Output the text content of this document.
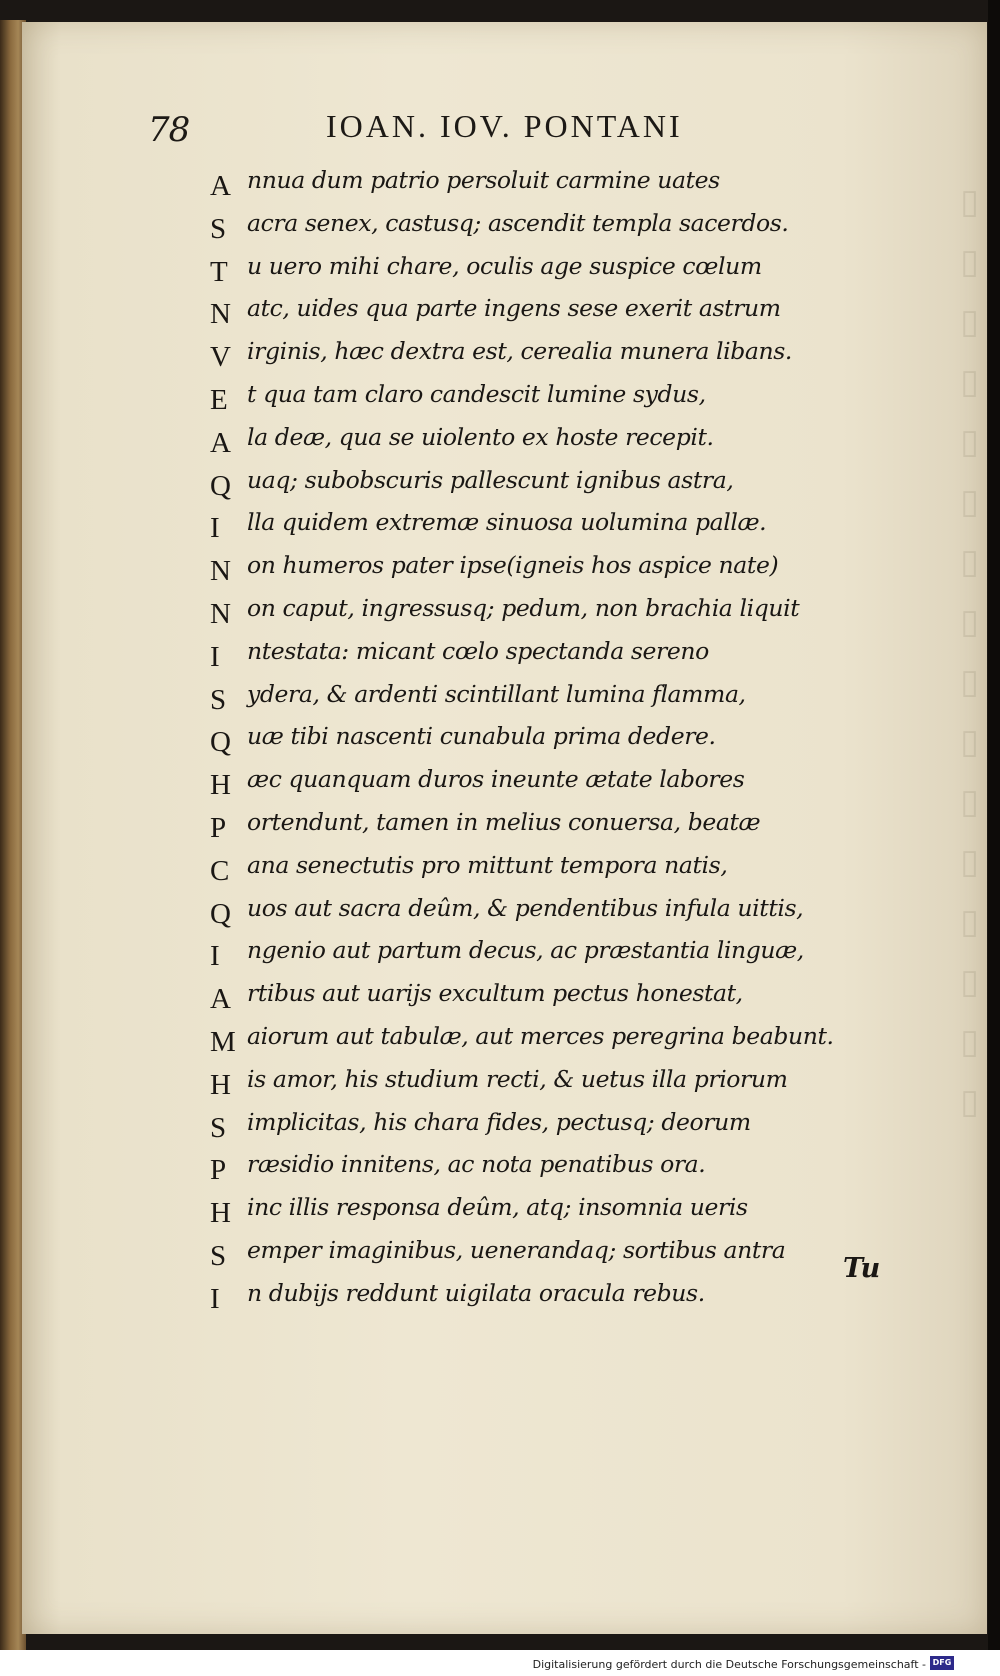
▯
▯
▯
▯
▯
▯
▯
▯
▯
▯
▯
▯
▯
▯
▯
▯
78	IOAN. IOV. PONTANI
A nnua dum patrio persoluit carmine uates
S acra senex, castusq; ascendit templa sacerdos.
T u uero mihi chare, oculis age suspice cœlum
N atc, uides qua parte ingens sese exerit astrum
V irginis, hæc dextra est, cerealia munera libans.
E t qua tam claro candescit lumine sydus,
A la deæ, qua se uiolento ex hoste recepit.
Q uaq; subobscuris pallescunt ignibus astra,
I	lla quidem extremæ sinuosa uolumina pallæ.
N on humeros pater ipse(igneis hos aspice nate)
N on caput, ingressusq; pedum, non brachia liquit
I	ntestata: micant cœlo spectanda sereno
S ydera, & ardenti scintillant lumina flamma,
Q uæ tibi nascenti cunabula prima dedere.
H æc quanquam duros ineunte ætate labores
P ortendunt, tamen in melius conuersa, beatæ
C ana senectutis pro mittunt tempora natis,
Q uos aut sacra deûm, & pendentibus infula uittis,
I	ngenio aut partum decus, ac præstantia linguæ,
A rtibus aut uarijs excultum pectus honestat,
M aiorum aut tabulæ, aut merces peregrina beabunt.
H is amor, his studium recti, & uetus illa priorum
S implicitas, his chara fides, pectusq; deorum
P ræsidio innitens, ac nota penatibus ora.
H inc illis responsa deûm, atq; insomnia ueris
S emper imaginibus, uenerandaq; sortibus antra
I	n dubijs reddunt uigilata oracula rebus.
Tu
Digitalisierung gefördert durch die Deutsche Forschungsgemeinschaft - DFG
